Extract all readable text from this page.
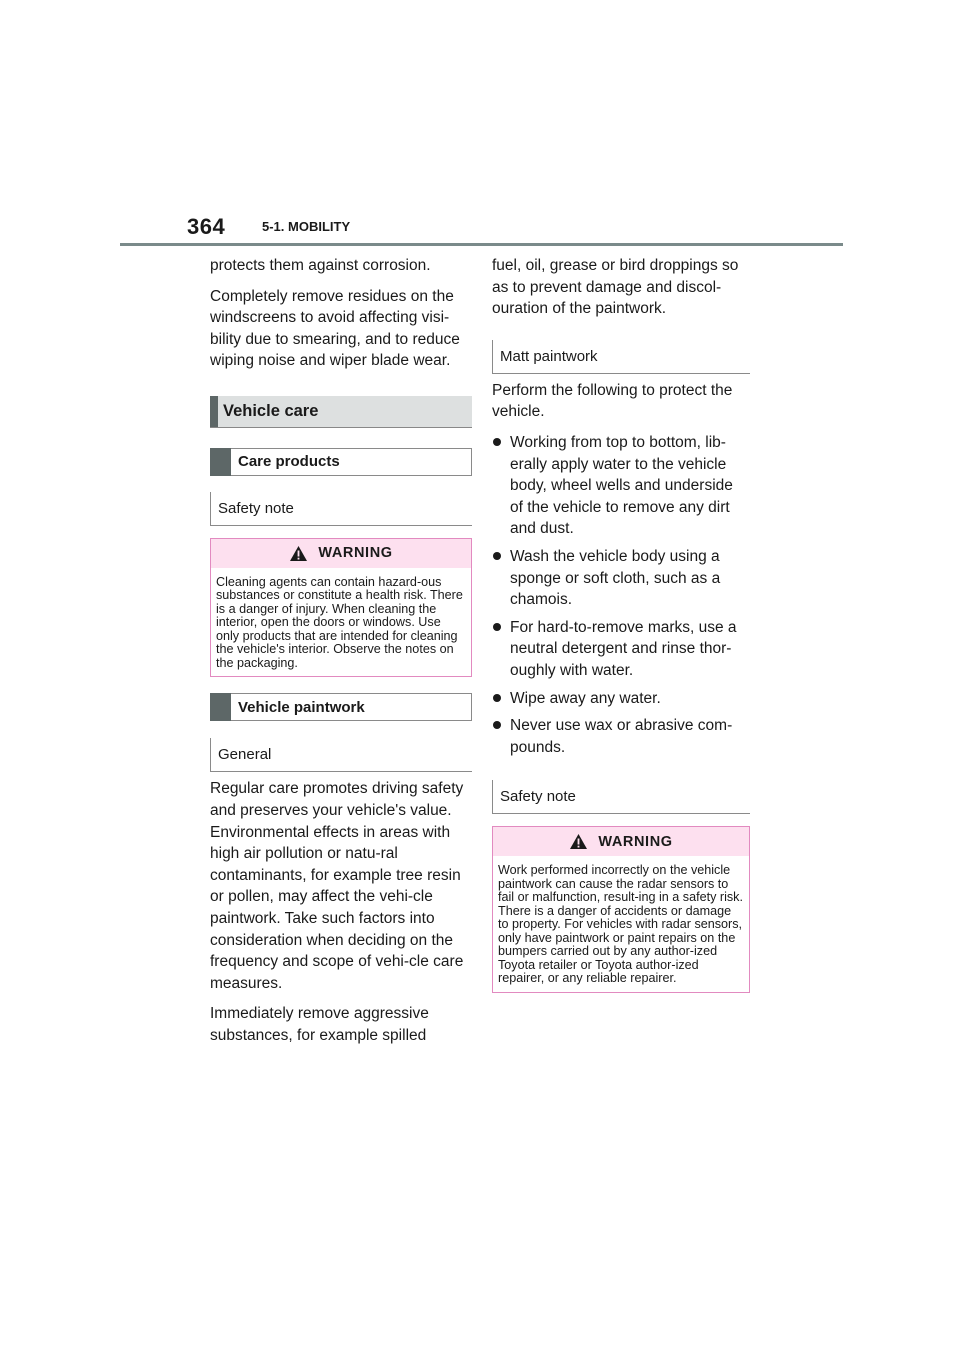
364	5-1. MOBILITY

protects them against corrosion.

Completely remove residues on the windscreens to avoid affecting visi-bility due to smearing, and to reduce wiping noise and wiper blade wear.

Vehicle care
Care products
Safety note
WARNING
Cleaning agents can contain hazard-ous substances or constitute a health risk. There is a danger of injury. When cleaning the interior, open the doors or windows. Use only products that are intended for cleaning the vehicle's interior. Observe the notes on the packaging.
Vehicle paintwork
General

Regular care promotes driving safety and preserves your vehicle's value. Environmental effects in areas with high air pollution or natu-ral contaminants, for example tree resin or pollen, may affect the vehi-cle paintwork. Take such factors into consideration when deciding on the frequency and scope of vehi-cle care measures.

Immediately remove aggressive substances, for example spilled

fuel, oil, grease or bird droppings so as to prevent damage and discol-ouration of the paintwork.

Matt paintwork

Perform the following to protect the vehicle.

Working from top to bottom, lib-erally apply water to the vehicle body, wheel wells and underside of the vehicle to remove any dirt and dust.
Wash the vehicle body using a sponge or soft cloth, such as a chamois.
For hard-to-remove marks, use a neutral detergent and rinse thor-oughly with water.
Wipe away any water.
Never use wax or abrasive com-pounds.
Safety note
WARNING
Work performed incorrectly on the vehicle paintwork can cause the radar sensors to fail or malfunction, result-ing in a safety risk. There is a danger of accidents or damage to property. For vehicles with radar sensors, only have paintwork or paint repairs on the bumpers carried out by any author-ized Toyota retailer or Toyota author-ized repairer, or any reliable repairer.
